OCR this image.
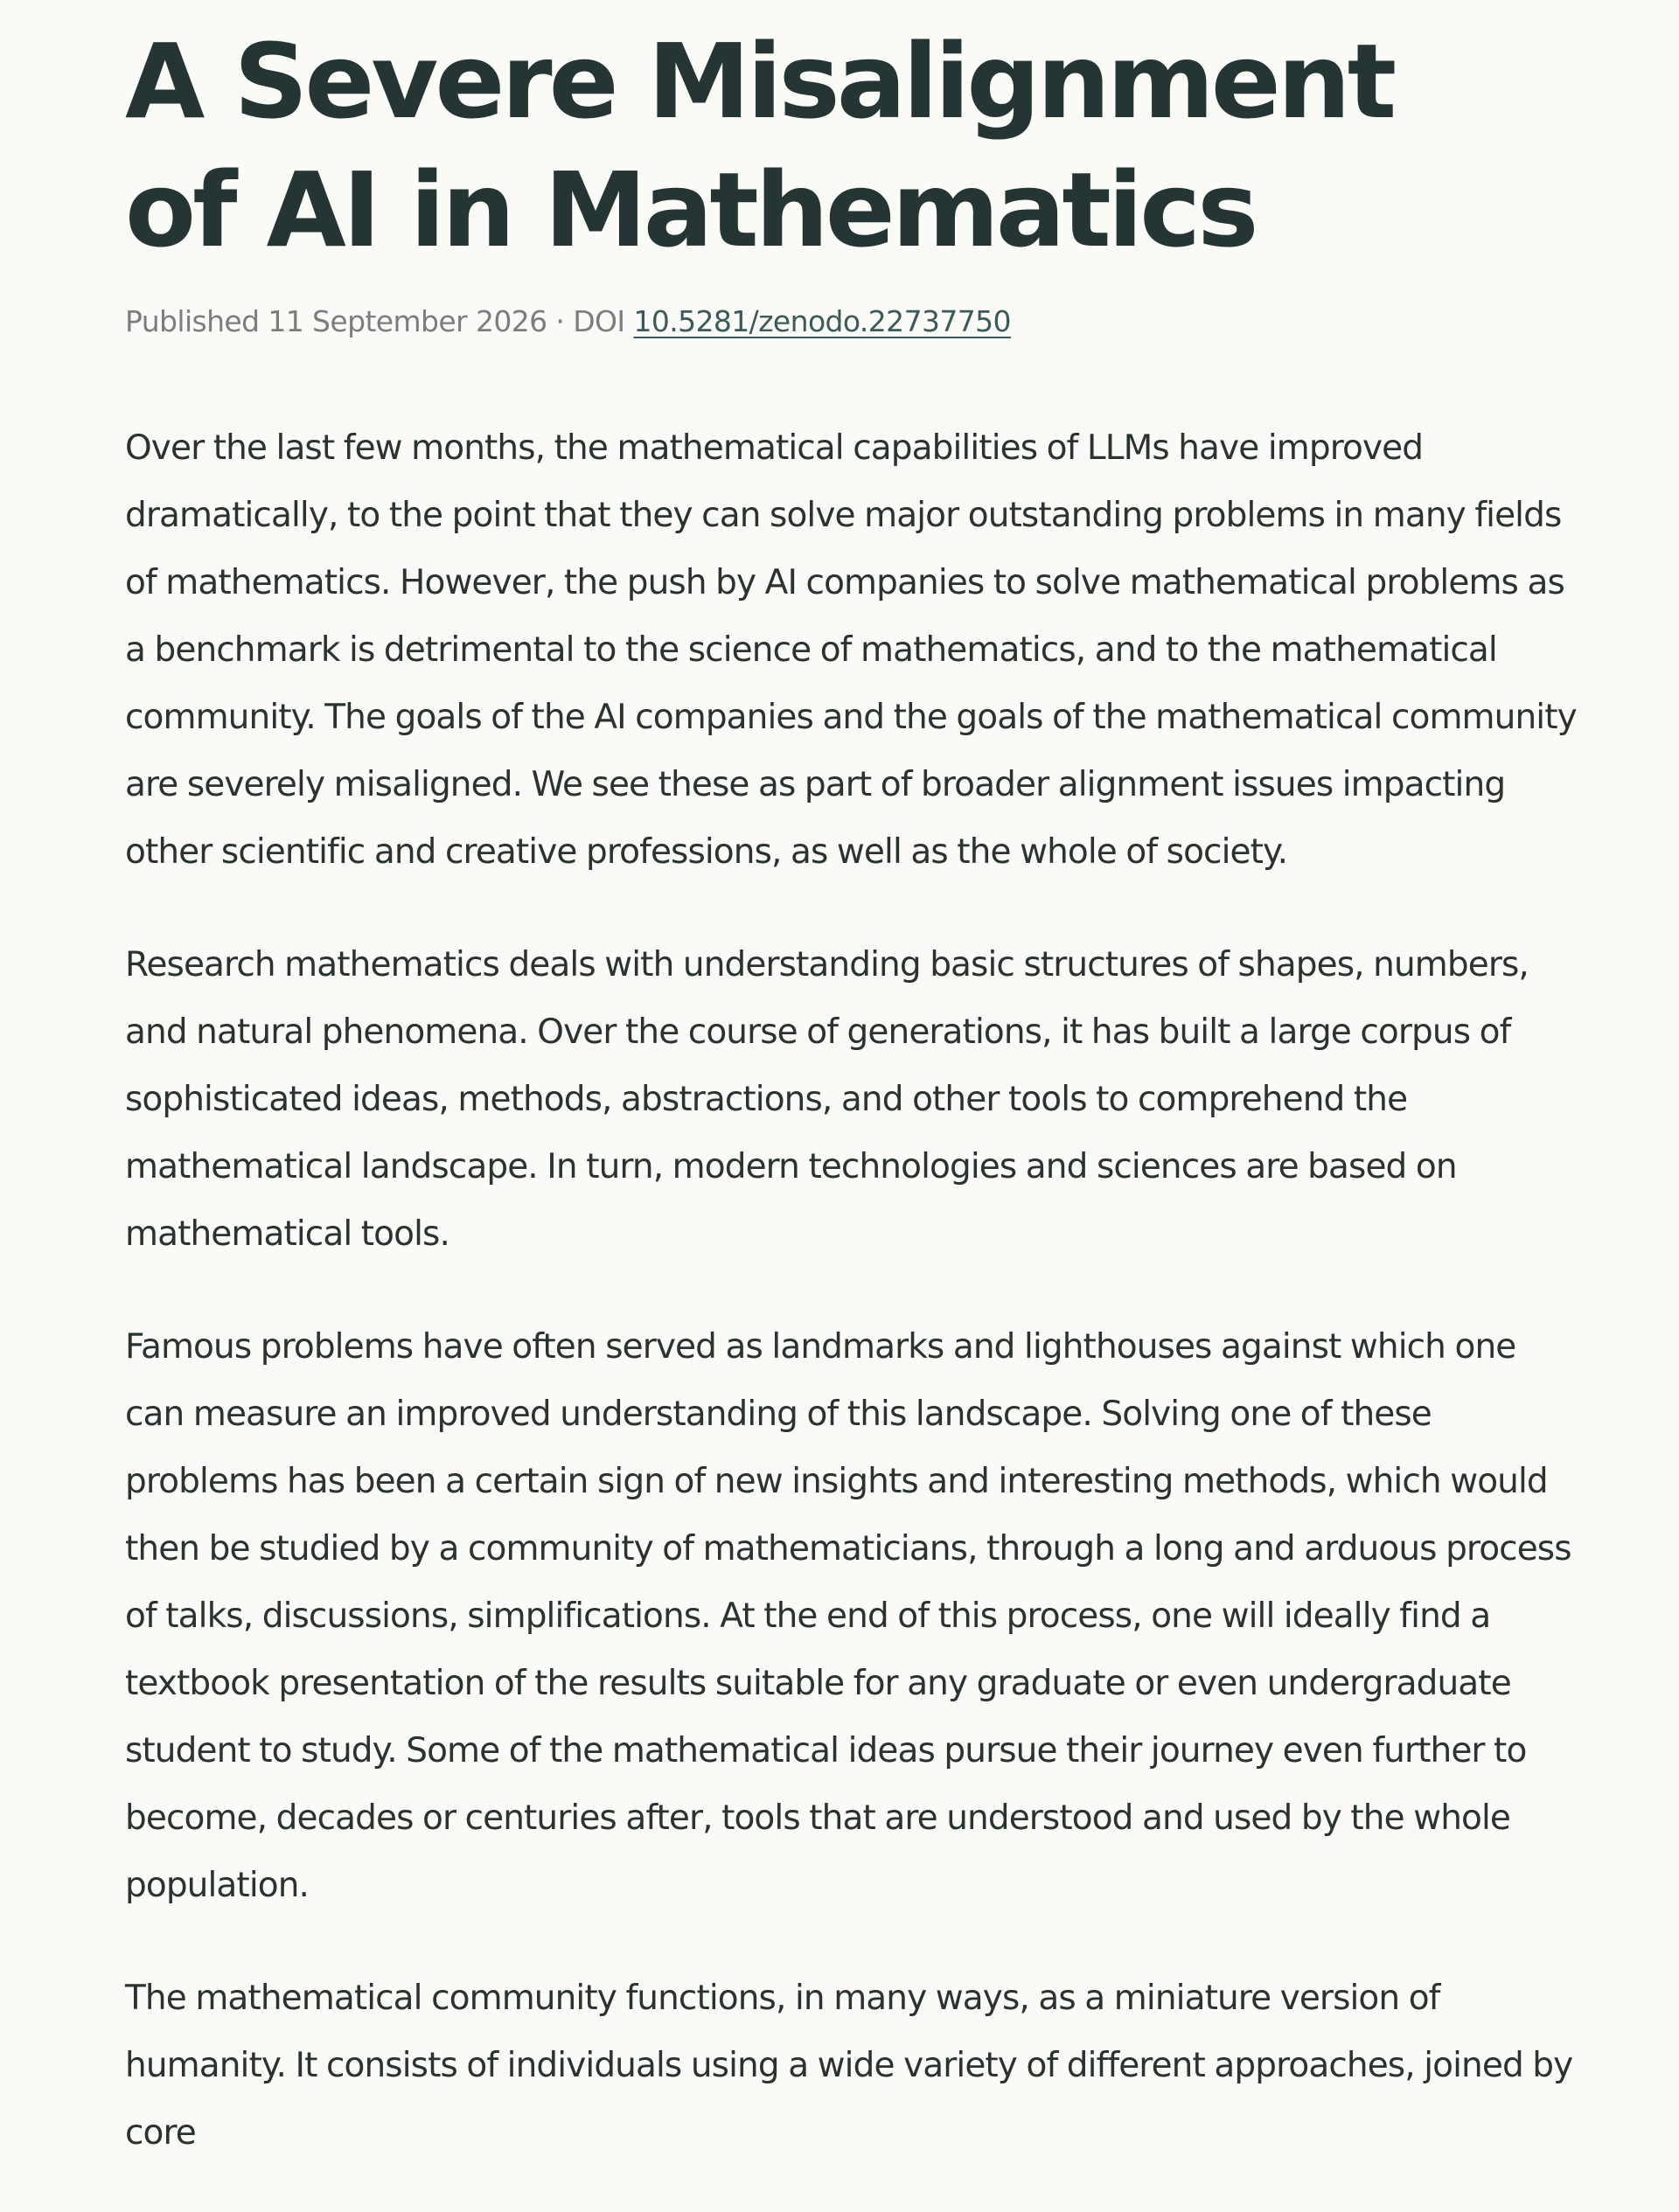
A Severe Misalignment
of AI in Mathematics
Published 11 September 2026 · DOI 10.5281/zenodo.22737750

Over the last few months, the mathematical capabilities of LLMs have improved dramatically, to the point that they can solve major outstanding problems in many fields of mathematics. However, the push by AI companies to solve mathematical problems as a benchmark is detrimental to the science of mathematics, and to the mathematical community. The goals of the AI companies and the goals of the mathematical community are severely misaligned. We see these as part of broader alignment issues impacting other scientific and creative professions, as well as the whole of society.

Research mathematics deals with understanding basic structures of shapes, numbers, and natural phenomena. Over the course of generations, it has built a large corpus of sophisticated ideas, methods, abstractions, and other tools to comprehend the mathematical landscape. In turn, modern technologies and sciences are based on mathematical tools.

Famous problems have often served as landmarks and lighthouses against which one can measure an improved understanding of this landscape. Solving one of these problems has been a certain sign of new insights and interesting methods, which would then be studied by a community of mathematicians, through a long and arduous process of talks, discussions, simplifications. At the end of this process, one will ideally find a textbook presentation of the results suitable for any graduate or even undergraduate student to study. Some of the mathematical ideas pursue their journey even further to become, decades or centuries after, tools that are understood and used by the whole population.

The mathematical community functions, in many ways, as a miniature version of humanity. It consists of individuals using a wide variety of different approaches, joined by core
